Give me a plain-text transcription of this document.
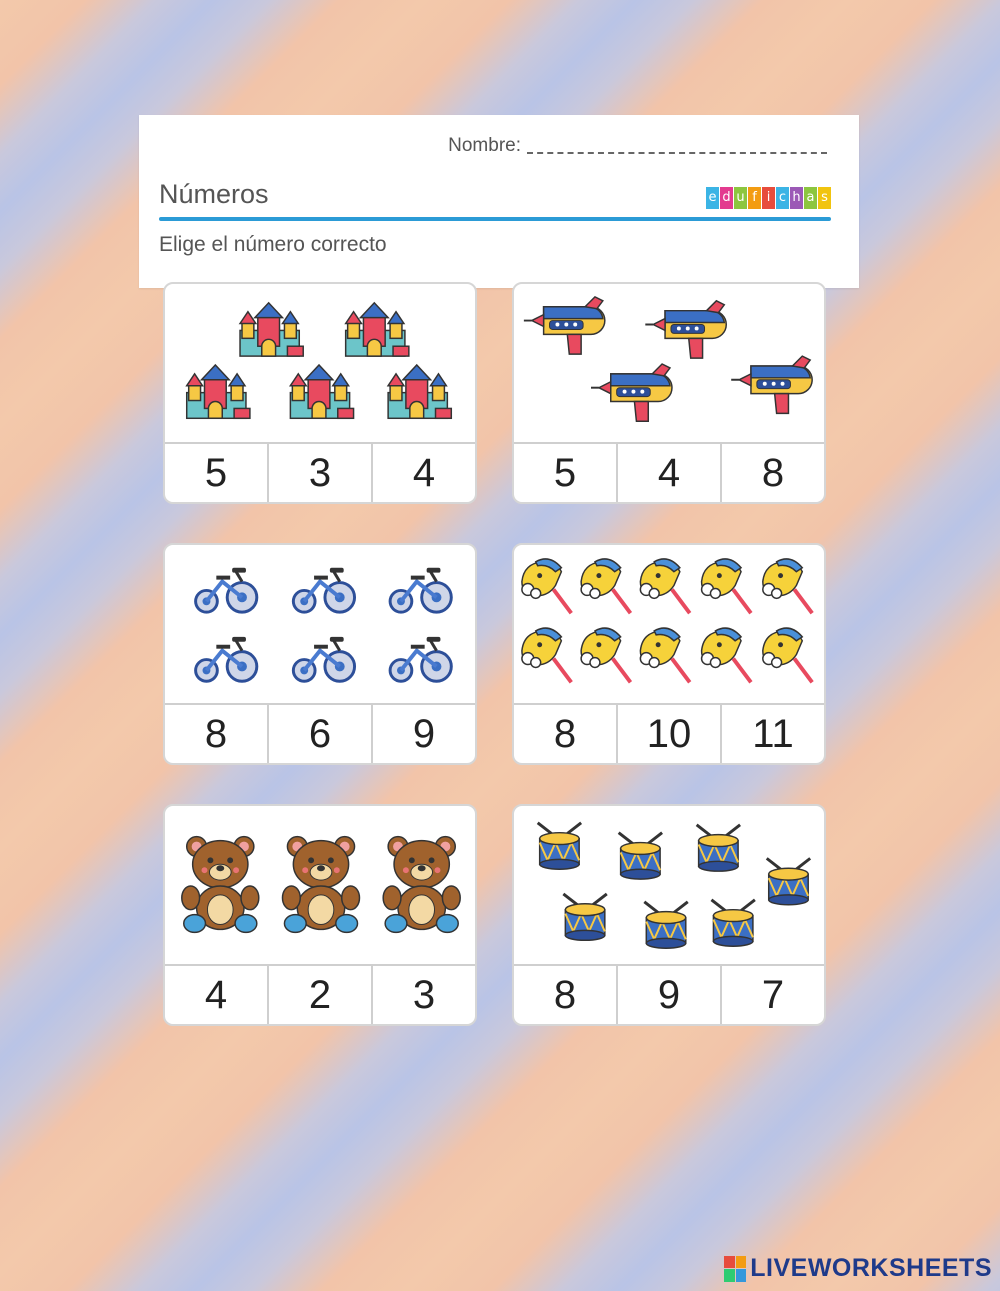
Nombre:
Números	e d u f i c h a s
Elige el número correcto
5	3	4	5	4	8
8	6	9	8	10	11
4	2	3	8	9	7
LIVEWORKSHEETS
